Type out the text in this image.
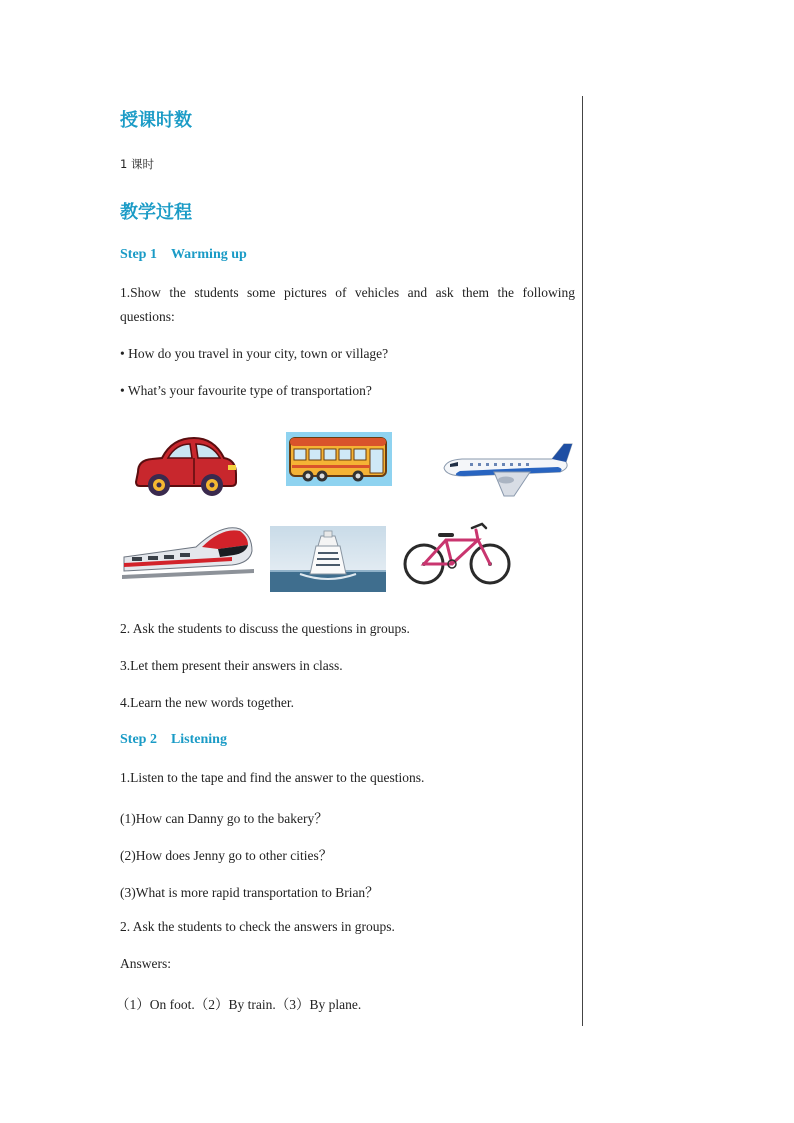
授课时数
1 课时
教学过程
Step 1 Warming up
1.Show the students some pictures of vehicles and ask them the following questions:
• How do you travel in your city, town or village?
• What’s your favourite type of transportation?
2. Ask the students to discuss the questions in groups.
3.Let them present their answers in class.
4.Learn the new words together.
Step 2 Listening
1.Listen to the tape and find the answer to the questions.
(1)How can Danny go to the bakery？
(2)How does Jenny go to other cities？
(3)What is more rapid transportation to Brian？
2. Ask the students to check the answers in groups.
Answers:
（1）On foot.（2）By train.（3）By plane.
